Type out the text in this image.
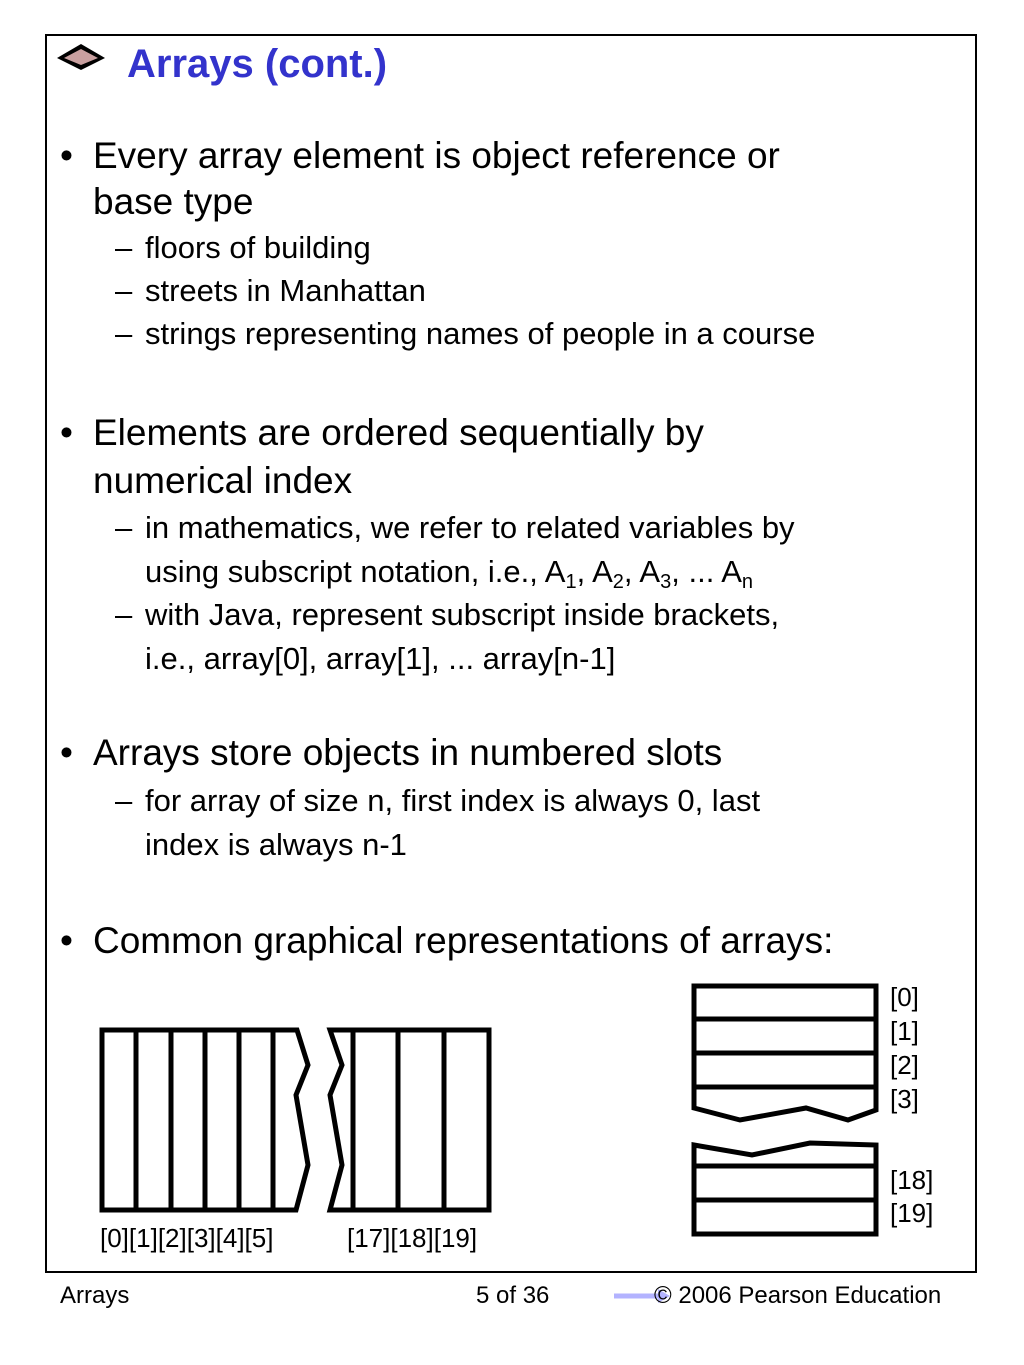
Arrays (cont.)
• Every array element is object reference or
base type
– floors of building
– streets in Manhattan
– strings representing names of people in a course
• Elements are ordered sequentially by
numerical index
– in mathematics, we refer to related variables by
using subscript notation, i.e., $A_1$, $A_2$, $A_3$, ... $A_n$
– with Java, represent subscript inside brackets,
i.e., array[0], array[1], ... array[n-1]
• Arrays store objects in numbered slots
– for array of size n, first index is always 0, last
index is always n-1
• Common graphical representations of arrays:
[0][1][2][3][4][5]	[17][18][19]
[0]
[1]
[2]
[3]
[18]
[19]
Arrays	5 of 36	© 2006 Pearson Education
